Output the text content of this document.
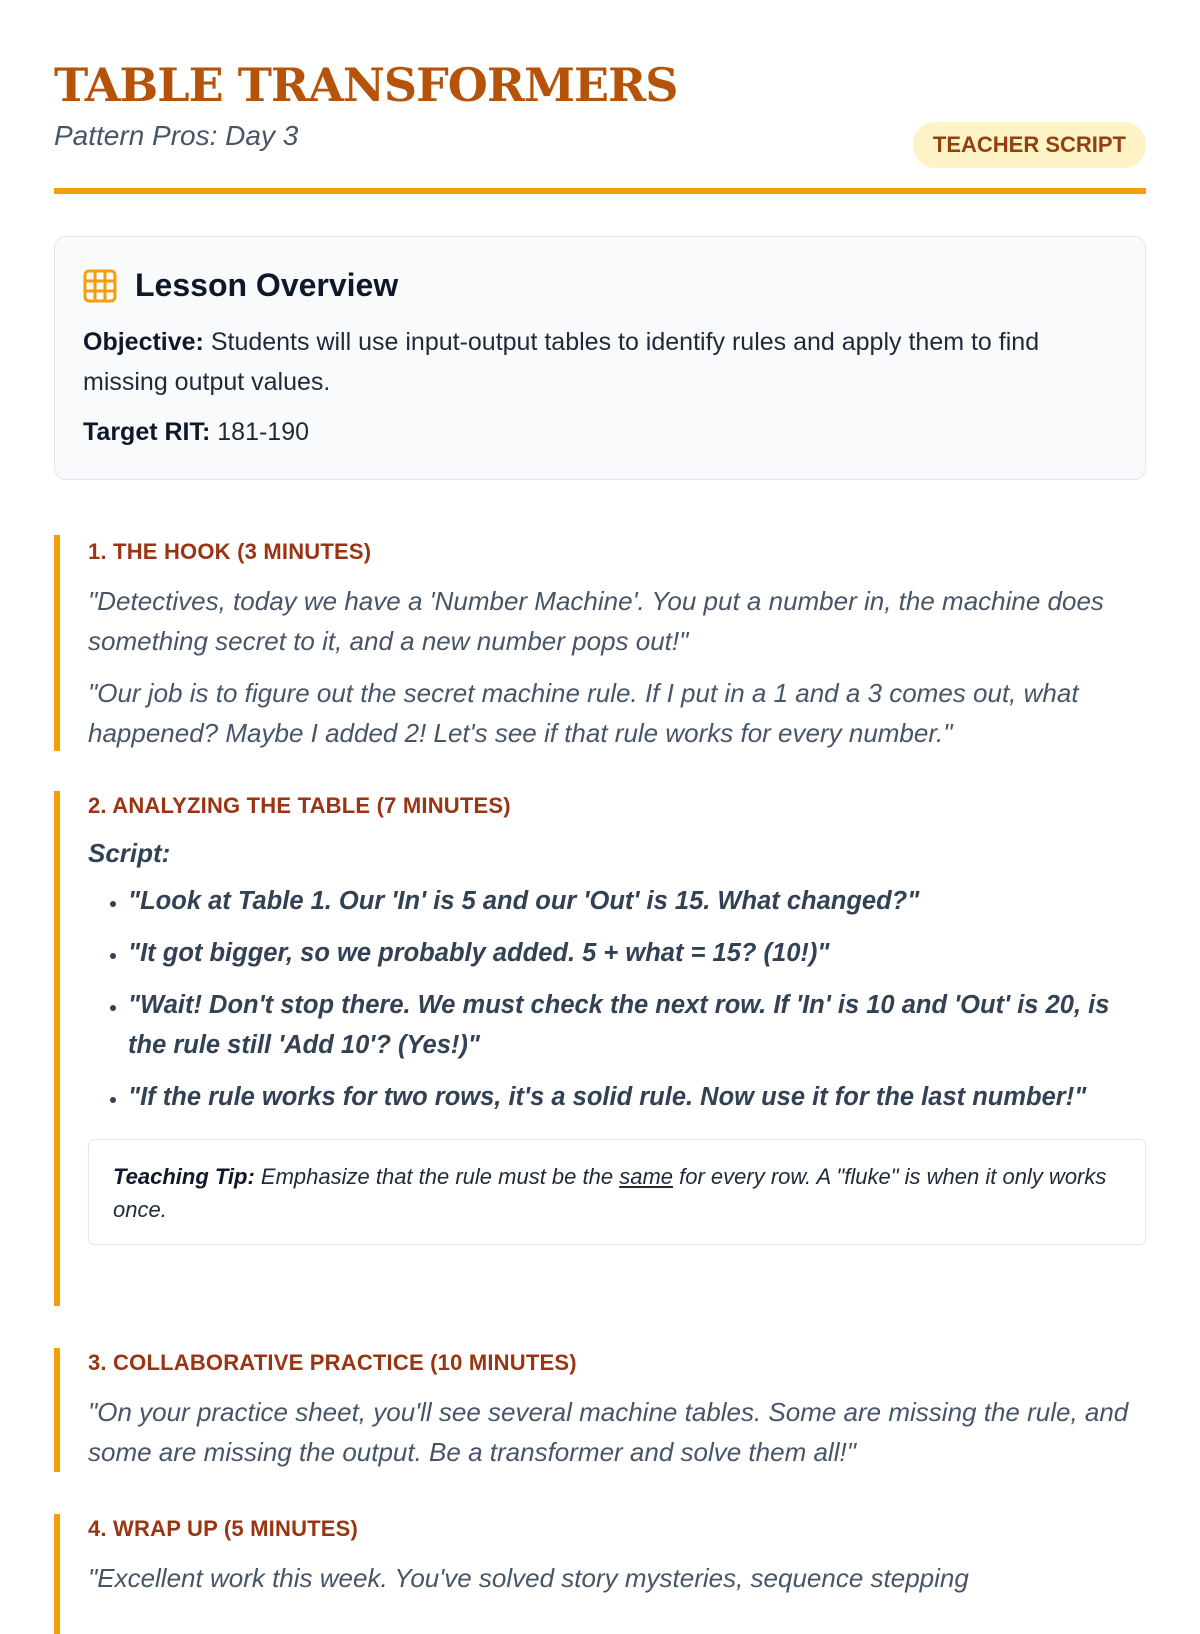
TABLE TRANSFORMERS
Pattern Pros: Day 3	TEACHER SCRIPT
Lesson Overview

Objective: Students will use input-output tables to identify rules and apply them to find missing output values.

Target RIT: 181-190

1. THE HOOK (3 MINUTES)

"Detectives, today we have a 'Number Machine'. You put a number in, the machine does something secret to it, and a new number pops out!"

"Our job is to figure out the secret machine rule. If I put in a 1 and a 3 comes out, what happened? Maybe I added 2! Let's see if that rule works for every number."

2. ANALYZING THE TABLE (7 MINUTES)
Script:
• "Look at Table 1. Our 'In' is 5 and our 'Out' is 15. What changed?"
• "It got bigger, so we probably added. 5 + what = 15? (10!)"
• "Wait! Don't stop there. We must check the next row. If 'In' is 10 and 'Out' is 20, is the rule still 'Add 10'? (Yes!)"
• "If the rule works for two rows, it's a solid rule. Now use it for the last number!"
Teaching Tip: Emphasize that the rule must be the same for every row. A "fluke" is when it only works once.
3. COLLABORATIVE PRACTICE (10 MINUTES)

"On your practice sheet, you'll see several machine tables. Some are missing the rule, and some are missing the output. Be a transformer and solve them all!"

4. WRAP UP (5 MINUTES)

"Excellent work this week. You've solved story mysteries, sequence stepping
